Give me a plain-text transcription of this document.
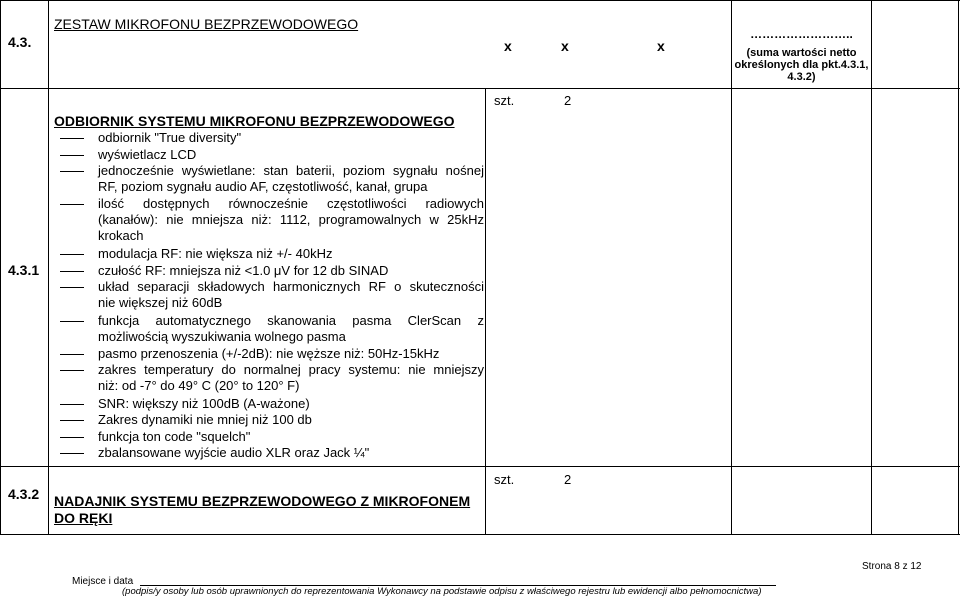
4.3.
ZESTAW MIKROFONU BEZPRZEWODOWEGO
x	x	x
……………………..
(suma wartości netto określonych dla pkt.4.3.1, 4.3.2)
4.3.1
ODBIORNIK SYSTEMU MIKROFONU BEZPRZEWODOWEGO
szt.	2
odbiornik "True diversity"
wyświetlacz LCD
jednocześnie wyświetlane: stan baterii, poziom sygnału nośnej
RF, poziom sygnału audio AF, częstotliwość, kanał, grupa
ilość dostępnych równocześnie częstotliwości radiowych
(kanałów): nie mniejsza niż: 1112, programowalnych w 25kHz
krokach
modulacja RF: nie większa niż +/- 40kHz
czułość RF: mniejsza niż <1.0 μV for 12 db SINAD
układ separacji składowych harmonicznych RF o skuteczności
nie większej niż 60dB
funkcja automatycznego skanowania pasma ClerScan z
możliwością wyszukiwania wolnego pasma
pasmo przenoszenia (+/-2dB): nie węższe niż: 50Hz-15kHz
zakres temperatury do normalnej pracy systemu: nie mniejszy
niż: od -7° do 49° C (20° to 120° F)
SNR: większy niż 100dB (A-ważone)
Zakres dynamiki nie mniej niż 100 db
funkcja ton code "squelch"
zbalansowane wyjście audio XLR oraz Jack ¼"
4.3.2 NADAJNIK SYSTEMU BEZPRZEWODOWEGO Z MIKROFONEM DO RĘKI
szt.	2
Strona 8 z 12
Miejsce i data
(podpis/y osoby lub osób uprawnionych do reprezentowania Wykonawcy na podstawie odpisu z właściwego rejestru lub ewidencji albo pełnomocnictwa)
